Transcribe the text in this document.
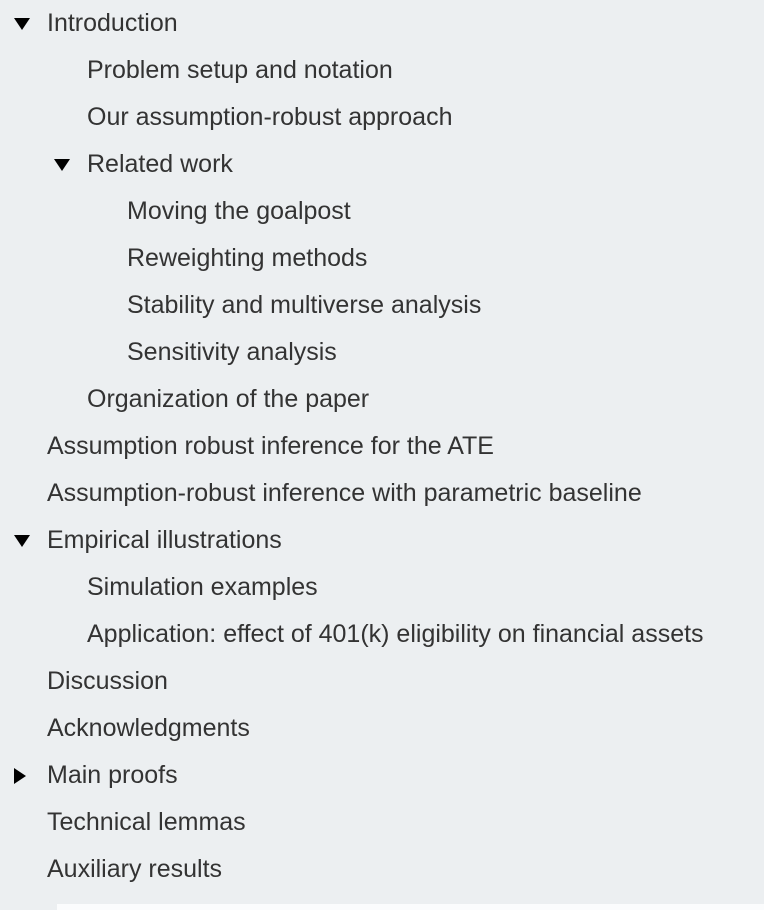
Introduction
Problem setup and notation
Our assumption-robust approach
Related work
Moving the goalpost
Reweighting methods
Stability and multiverse analysis
Sensitivity analysis
Organization of the paper
Assumption robust inference for the ATE
Assumption-robust inference with parametric baseline
Empirical illustrations
Simulation examples
Application: effect of 401(k) eligibility on financial assets
Discussion
Acknowledgments
Main proofs
Technical lemmas
Auxiliary results
